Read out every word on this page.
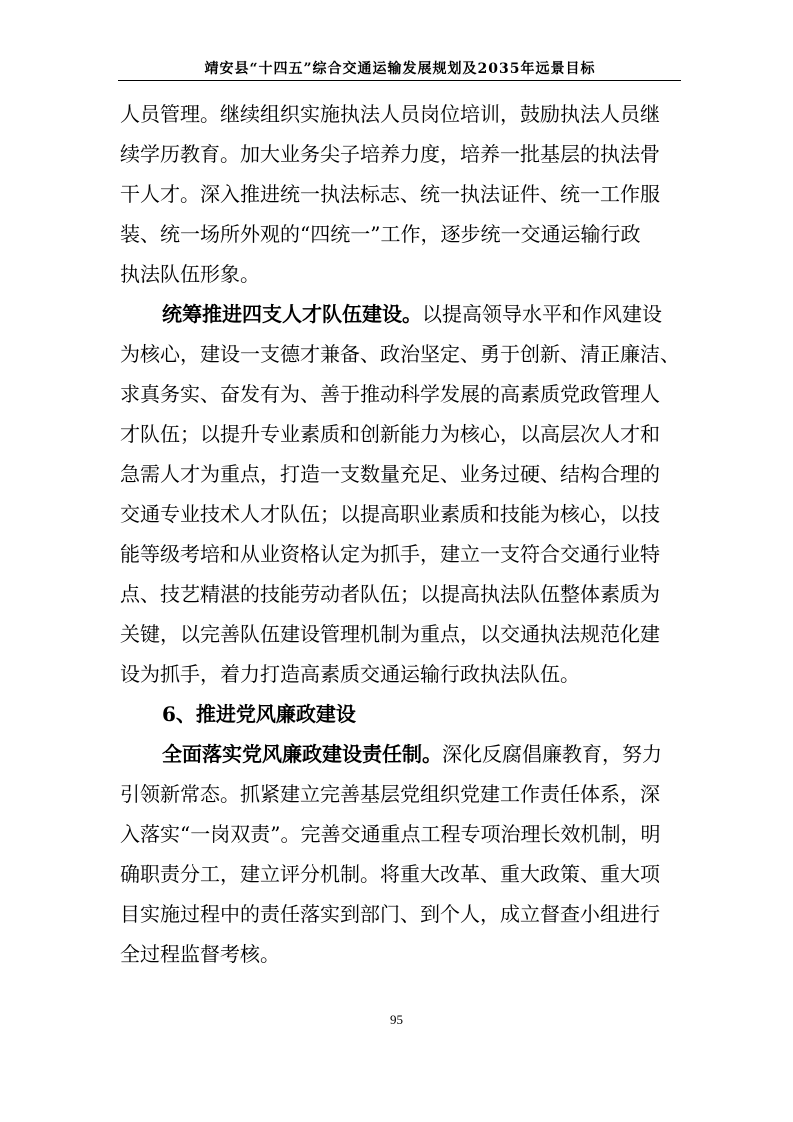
靖安县“十四五”综合交通运输发展规划及2035年远景目标
人员管理。继续组织实施执法人员岗位培训，鼓励执法人员继
续学历教育。加大业务尖子培养力度，培养一批基层的执法骨
干人才。深入推进统一执法标志、统一执法证件、统一工作服
装、统一场所外观的“四统一”工作，逐步统一交通运输行政
执法队伍形象。
统筹推进四支人才队伍建设。以提高领导水平和作风建设
为核心，建设一支德才兼备、政治坚定、勇于创新、清正廉洁、
求真务实、奋发有为、善于推动科学发展的高素质党政管理人
才队伍；以提升专业素质和创新能力为核心，以高层次人才和
急需人才为重点，打造一支数量充足、业务过硬、结构合理的
交通专业技术人才队伍；以提高职业素质和技能为核心，以技
能等级考培和从业资格认定为抓手，建立一支符合交通行业特
点、技艺精湛的技能劳动者队伍；以提高执法队伍整体素质为
关键，以完善队伍建设管理机制为重点，以交通执法规范化建
设为抓手，着力打造高素质交通运输行政执法队伍。
6、推进党风廉政建设
全面落实党风廉政建设责任制。深化反腐倡廉教育，努力
引领新常态。抓紧建立完善基层党组织党建工作责任体系，深
入落实“一岗双责”。完善交通重点工程专项治理长效机制，明
确职责分工，建立评分机制。将重大改革、重大政策、重大项
目实施过程中的责任落实到部门、到个人，成立督查小组进行
全过程监督考核。
95
